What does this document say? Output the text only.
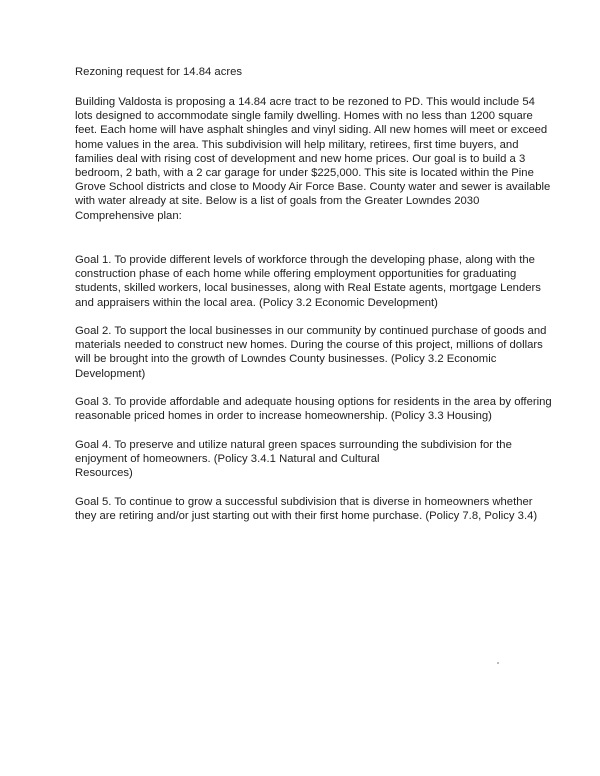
Rezoning request for 14.84 acres
Building Valdosta is proposing a 14.84 acre tract to be rezoned to PD. This would include 54
lots designed to accommodate single family dwelling. Homes with no less than 1200 square
feet. Each home will have asphalt shingles and vinyl siding. All new homes will meet or exceed
home values in the area. This subdivision will help military, retirees, first time buyers, and
families deal with rising cost of development and new home prices. Our goal is to build a 3
bedroom, 2 bath, with a 2 car garage for under $225,000. This site is located within the Pine
Grove School districts and close to Moody Air Force Base. County water and sewer is available
with water already at site. Below is a list of goals from the Greater Lowndes 2030
Comprehensive plan:
Goal 1. To provide different levels of workforce through the developing phase, along with the
construction phase of each home while offering employment opportunities for graduating
students, skilled workers, local businesses, along with Real Estate agents, mortgage Lenders
and appraisers within the local area. (Policy 3.2 Economic Development)
Goal 2. To support the local businesses in our community by continued purchase of goods and
materials needed to construct new homes. During the course of this project, millions of dollars
will be brought into the growth of Lowndes County businesses. (Policy 3.2 Economic
Development)
Goal 3. To provide affordable and adequate housing options for residents in the area by offering
reasonable priced homes in order to increase homeownership. (Policy 3.3 Housing)
Goal 4. To preserve and utilize natural green spaces surrounding the subdivision for the
enjoyment of homeowners. (Policy 3.4.1 Natural and Cultural
Resources)
Goal 5. To continue to grow a successful subdivision that is diverse in homeowners whether
they are retiring and/or just starting out with their first home purchase. (Policy 7.8, Policy 3.4)
